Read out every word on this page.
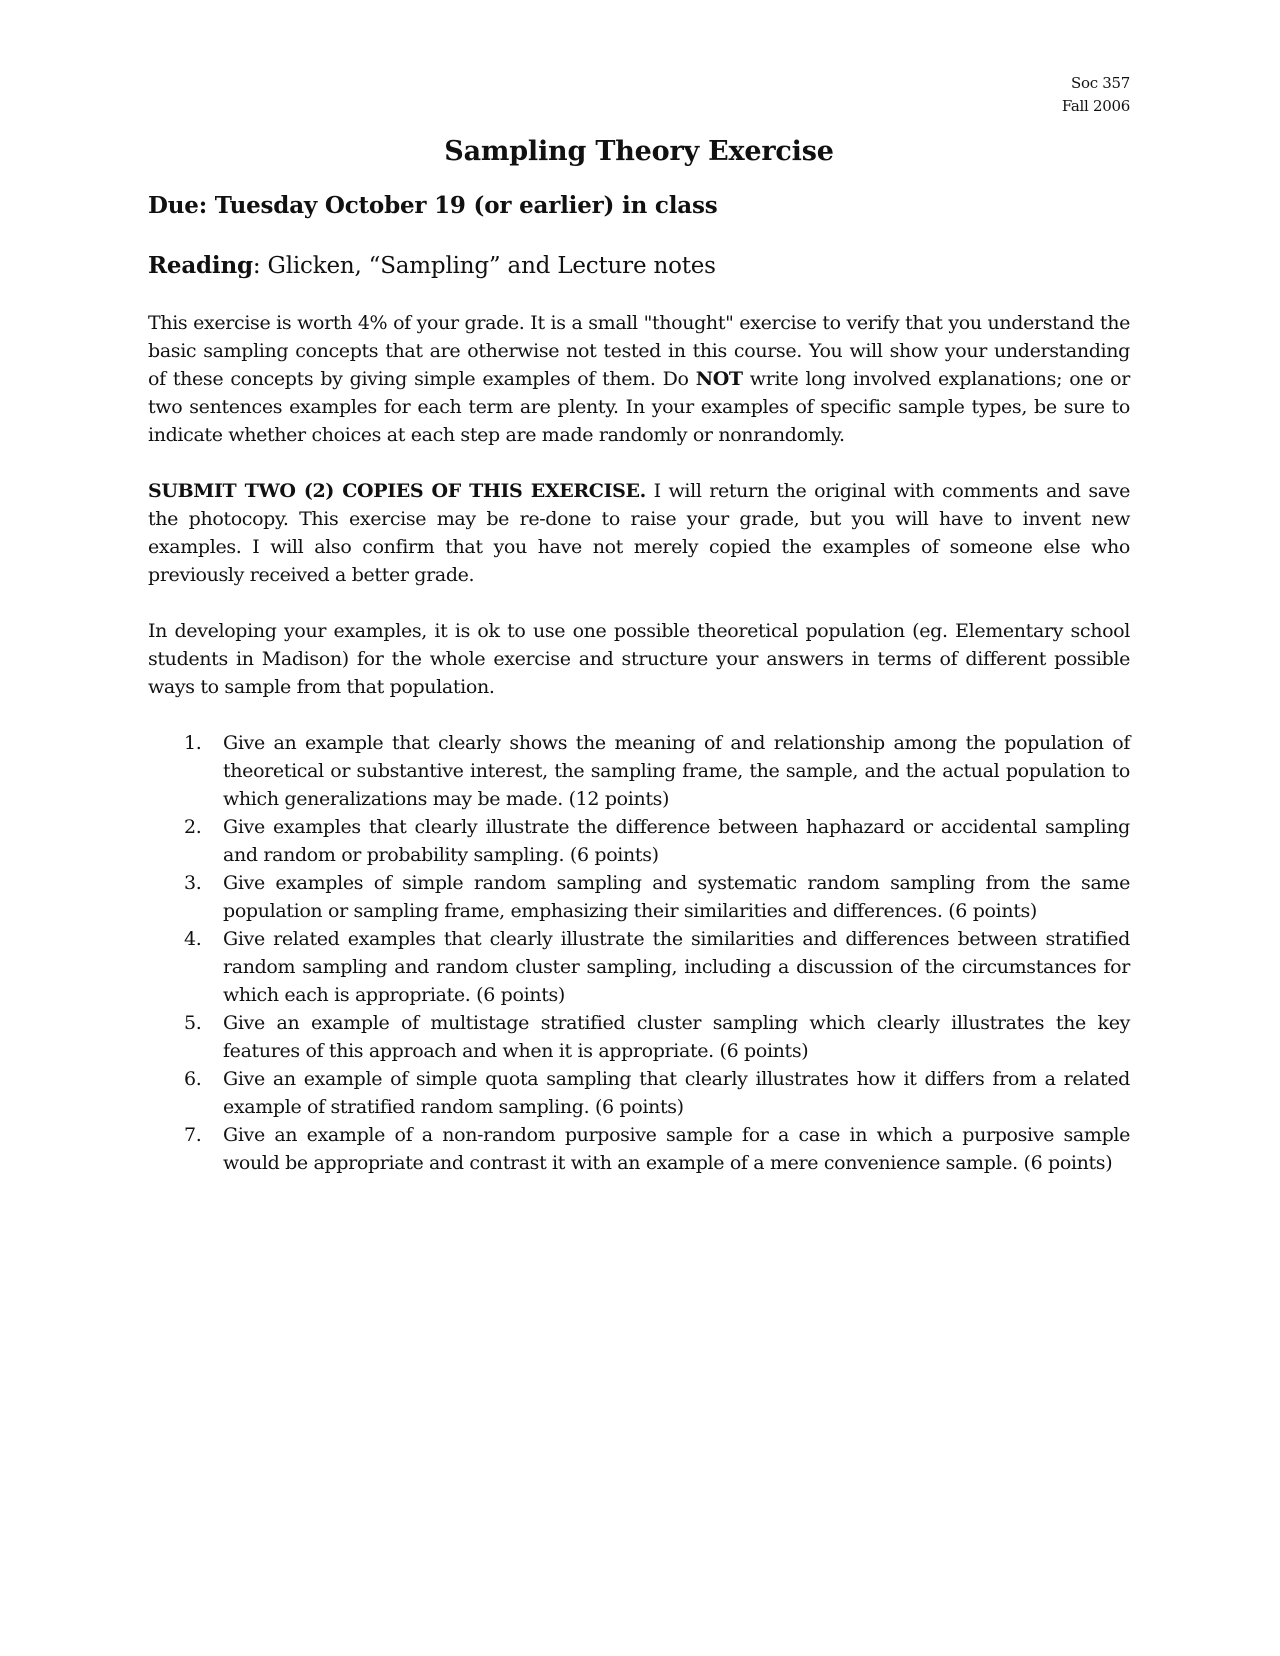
Soc 357
Fall 2006
Sampling Theory Exercise
Due: Tuesday October 19 (or earlier) in class
Reading: Glicken, “Sampling” and Lecture notes

This exercise is worth 4% of your grade. It is a small "thought" exercise to verify that you understand the basic sampling concepts that are otherwise not tested in this course. You will show your understanding of these concepts by giving simple examples of them. Do NOT write long involved explanations; one or two sentences examples for each term are plenty. In your examples of specific sample types, be sure to indicate whether choices at each step are made randomly or nonrandomly.

SUBMIT TWO (2) COPIES OF THIS EXERCISE. I will return the original with comments and save the photocopy. This exercise may be re-done to raise your grade, but you will have to invent new examples. I will also confirm that you have not merely copied the examples of someone else who previously received a better grade.

In developing your examples, it is ok to use one possible theoretical population (eg. Elementary school students in Madison) for the whole exercise and structure your answers in terms of different possible ways to sample from that population.

1.	Give an example that clearly shows the meaning of and relationship among the population of theoretical or substantive interest, the sampling frame, the sample, and the actual population to which generalizations may be made. (12 points)
2.	Give examples that clearly illustrate the difference between haphazard or accidental sampling and random or probability sampling. (6 points)
3.	Give examples of simple random sampling and systematic random sampling from the same population or sampling frame, emphasizing their similarities and differences. (6 points)
4.	Give related examples that clearly illustrate the similarities and differences between stratified random sampling and random cluster sampling, including a discussion of the circumstances for which each is appropriate. (6 points)
5.	Give an example of multistage stratified cluster sampling which clearly illustrates the key features of this approach and when it is appropriate. (6 points)
6.	Give an example of simple quota sampling that clearly illustrates how it differs from a related example of stratified random sampling. (6 points)
7.	Give an example of a non-random purposive sample for a case in which a purposive sample would be appropriate and contrast it with an example of a mere convenience sample. (6 points)
